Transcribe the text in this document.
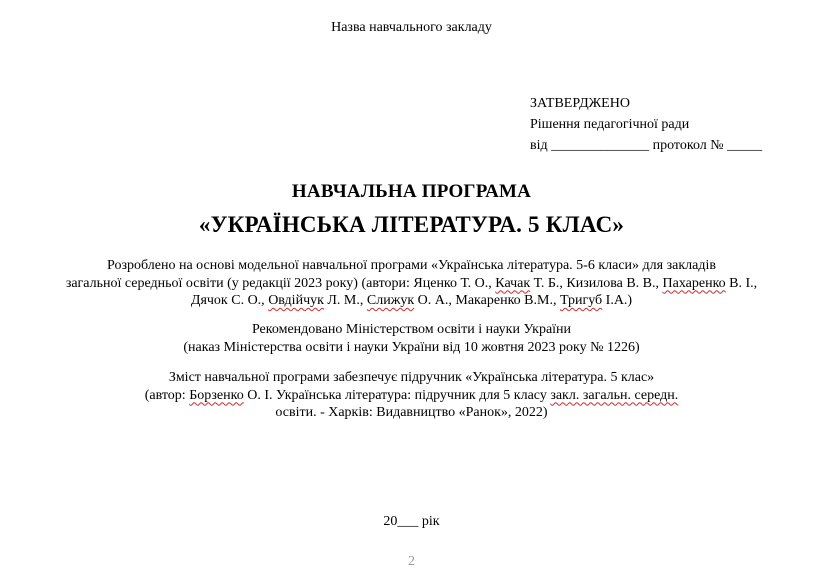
Назва навчального закладу
ЗАТВЕРДЖЕНО
Рішення педагогічної ради
від ______________ протокол № _____
НАВЧАЛЬНА ПРОГРАМА
«УКРАЇНСЬКА ЛІТЕРАТУРА. 5 КЛАС»
Розроблено на основі модельної навчальної програми «Українська література. 5-6 класи» для закладів
загальної середньої освіти (у редакції 2023 року) (автори: Яценко Т. О., Качак Т. Б., Кизилова В. В., Пахаренко В. І.,
Дячок С. О., Овдійчук Л. М., Слижук О. А., Макаренко В.М., Тригуб І.А.)
Рекомендовано Міністерством освіти і науки України
(наказ Міністерства освіти і науки України від 10 жовтня 2023 року № 1226)
Зміст навчальної програми забезпечує підручник «Українська література. 5 клас»
(автор: Борзенко О. І. Українська література: підручник для 5 класу закл. загальн. середн.
освіти. - Харків: Видавництво «Ранок», 2022)
20___ рік
2
